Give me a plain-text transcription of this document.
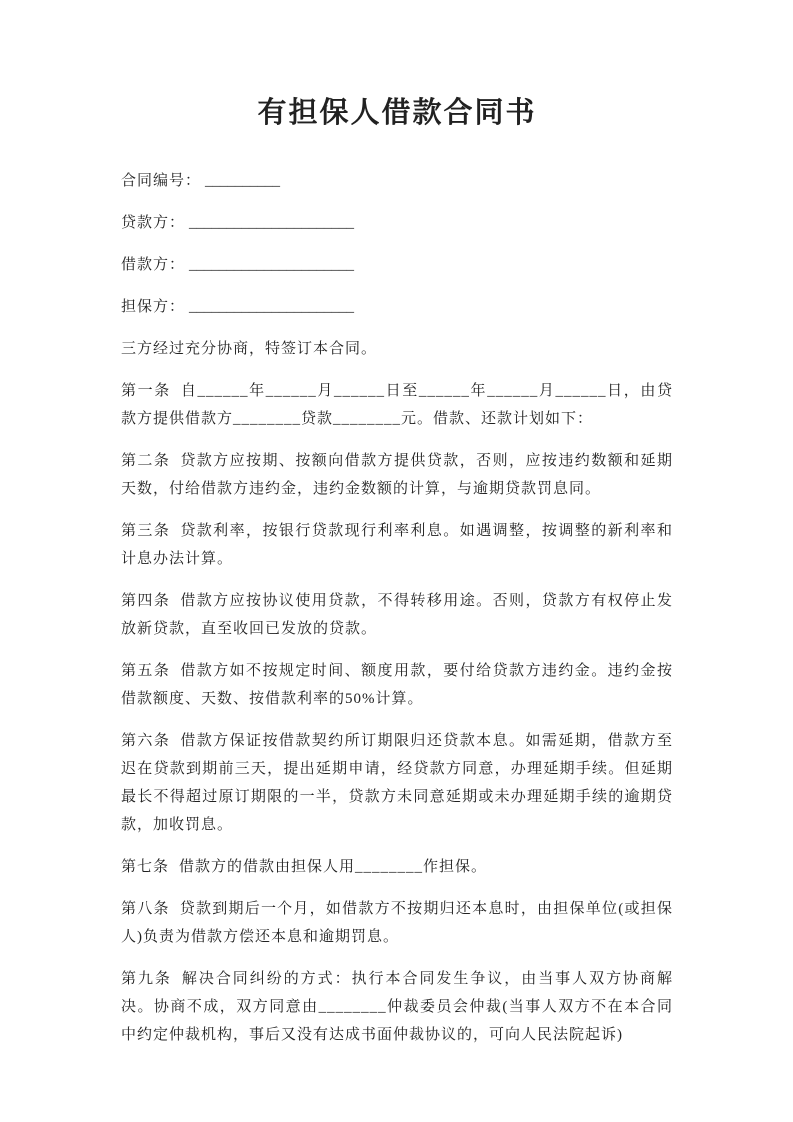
有担保人借款合同书

合同编号： __________

贷款方： ______________________

借款方： ______________________

担保方： ______________________

三方经过充分协商，特签订本合同。

第一条 自______年______月______日至______年______月______日，由贷款方提供借款方________贷款________元。借款、还款计划如下：

第二条 贷款方应按期、按额向借款方提供贷款，否则，应按违约数额和延期天数，付给借款方违约金，违约金数额的计算，与逾期贷款罚息同。

第三条 贷款利率，按银行贷款现行利率利息。如遇调整，按调整的新利率和计息办法计算。

第四条 借款方应按协议使用贷款，不得转移用途。否则，贷款方有权停止发放新贷款，直至收回已发放的贷款。

第五条 借款方如不按规定时间、额度用款，要付给贷款方违约金。违约金按借款额度、天数、按借款利率的50%计算。

第六条 借款方保证按借款契约所订期限归还贷款本息。如需延期，借款方至迟在贷款到期前三天，提出延期申请，经贷款方同意，办理延期手续。但延期最长不得超过原订期限的一半，贷款方未同意延期或未办理延期手续的逾期贷款，加收罚息。

第七条 借款方的借款由担保人用________作担保。

第八条 贷款到期后一个月，如借款方不按期归还本息时，由担保单位(或担保人)负责为借款方偿还本息和逾期罚息。

第九条 解决合同纠纷的方式：执行本合同发生争议，由当事人双方协商解决。协商不成，双方同意由________仲裁委员会仲裁(当事人双方不在本合同中约定仲裁机构，事后又没有达成书面仲裁协议的，可向人民法院起诉)
